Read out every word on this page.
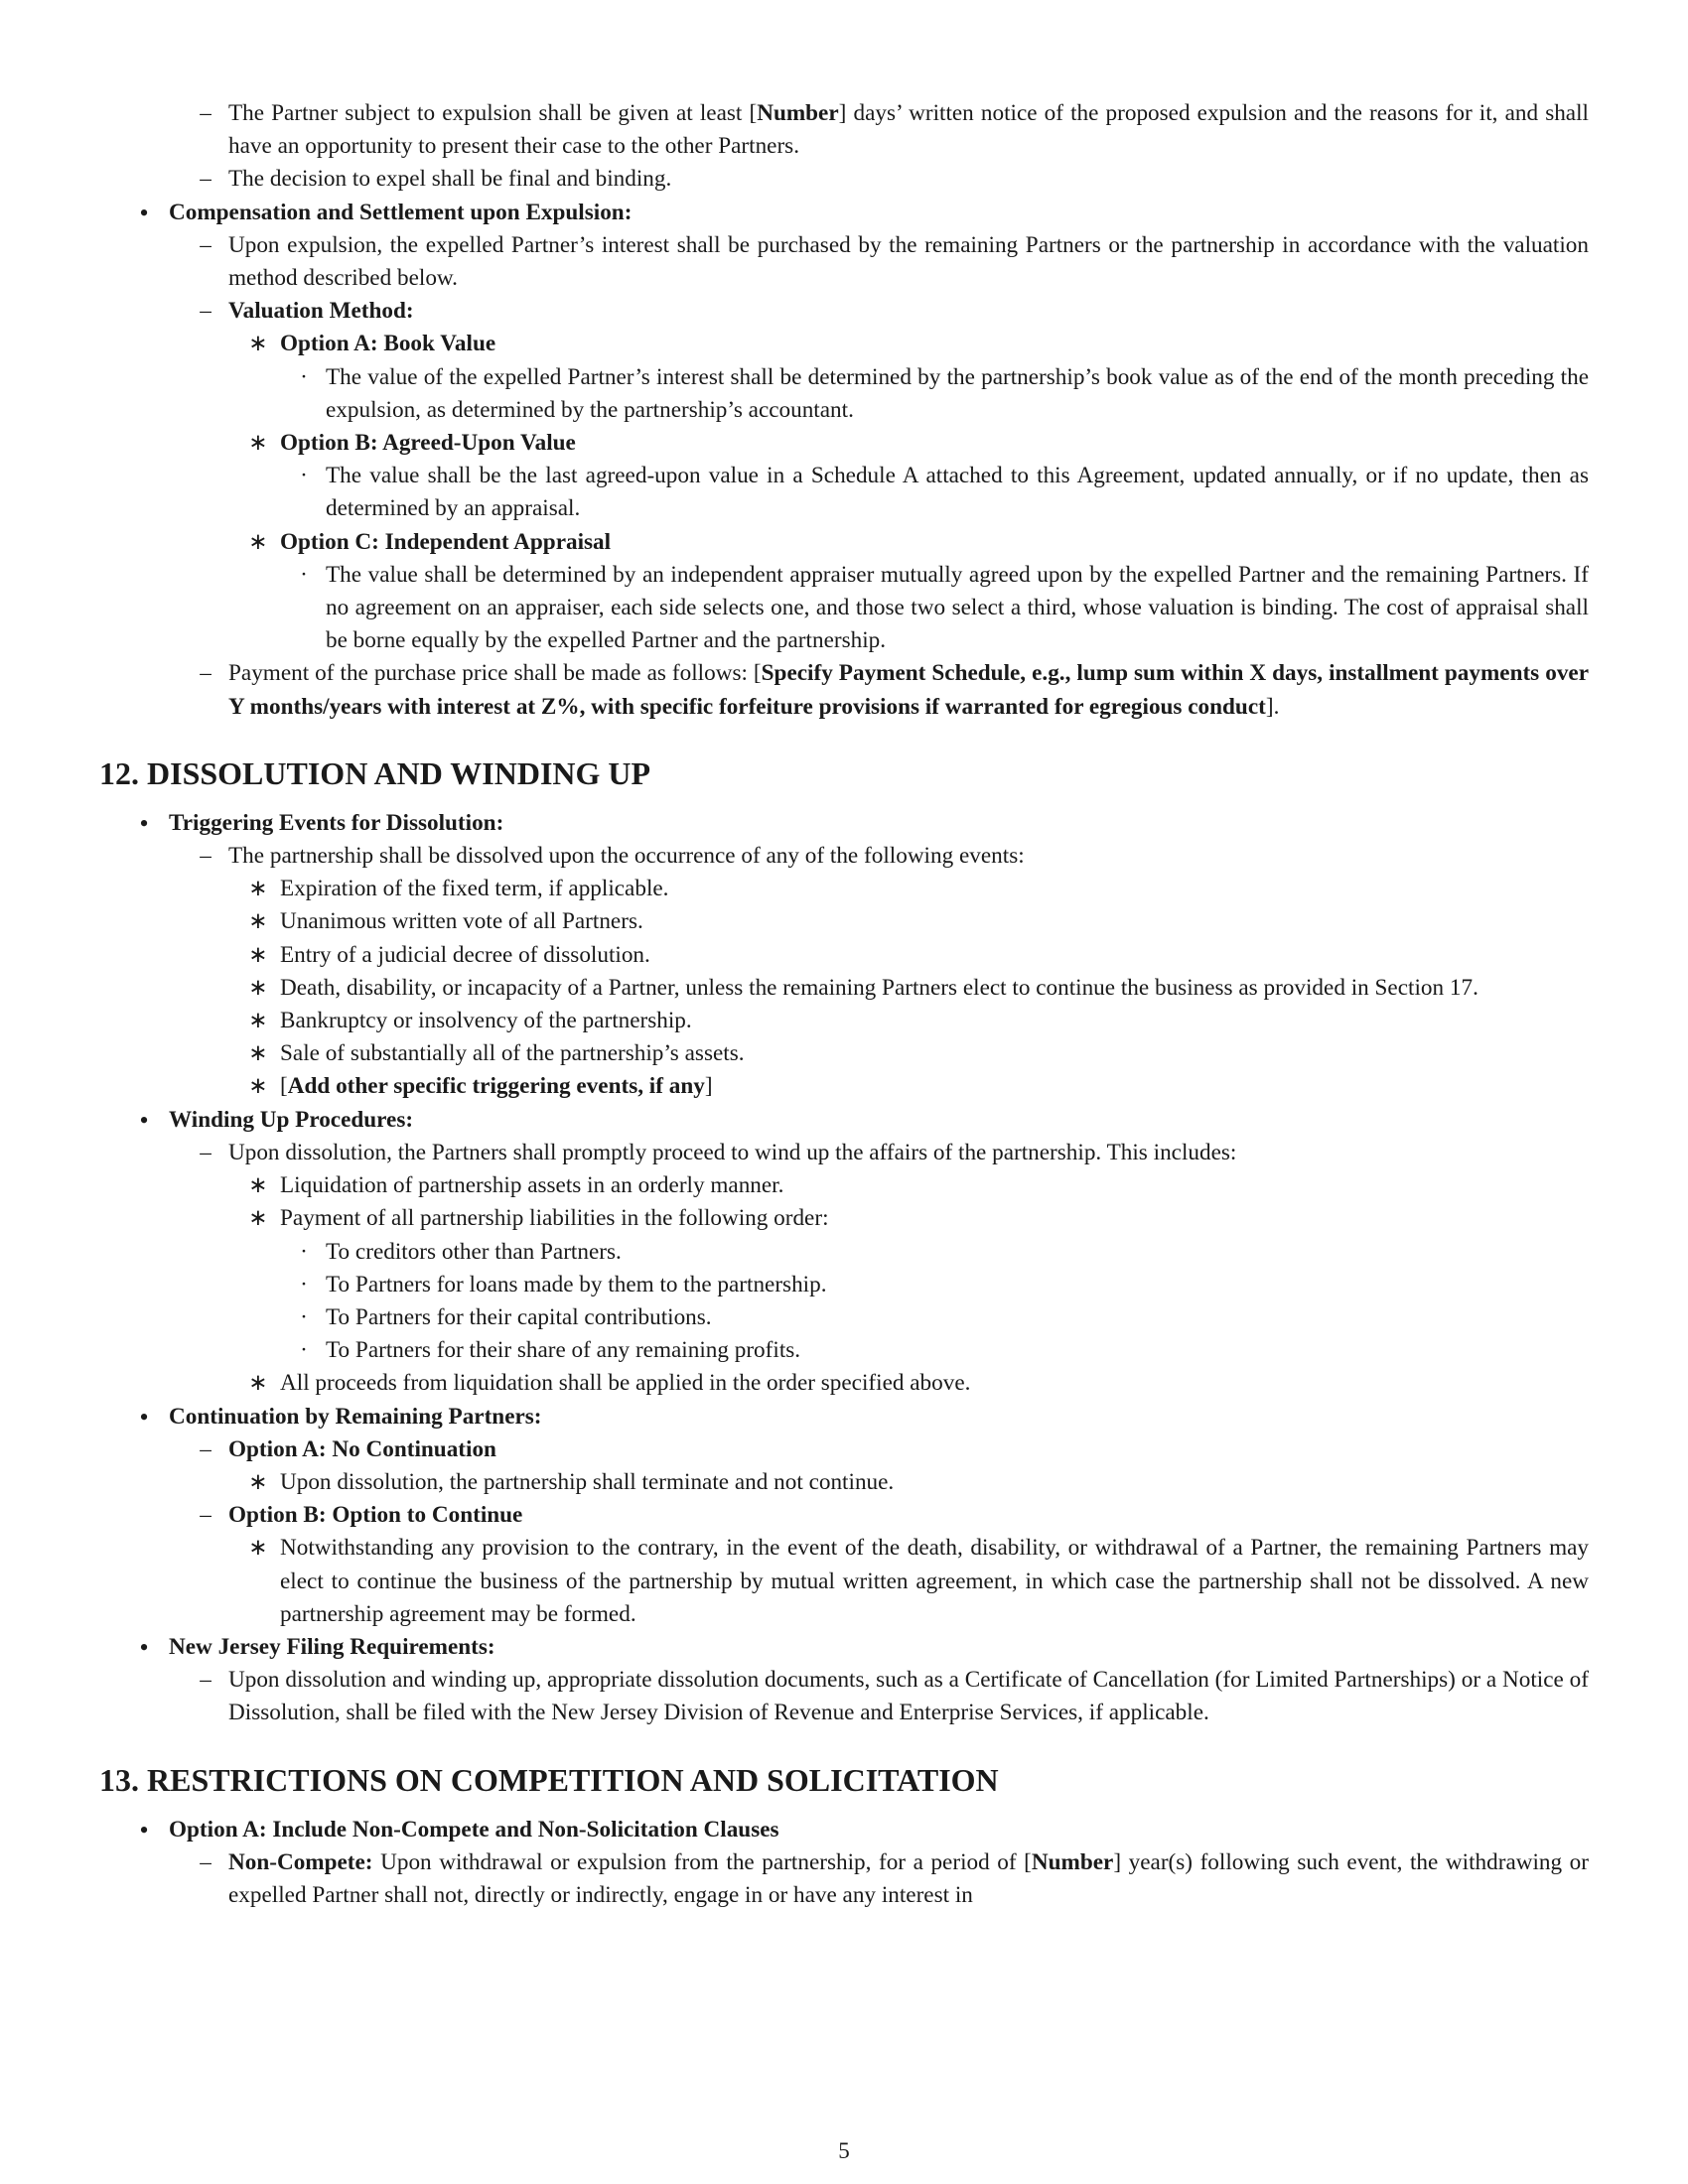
– The Partner subject to expulsion shall be given at least [Number] days’ written notice of the proposed expulsion and the reasons for it, and shall have an opportunity to present their case to the other Partners.
– The decision to expel shall be final and binding.
• Compensation and Settlement upon Expulsion:
– Upon expulsion, the expelled Partner’s interest shall be purchased by the remaining Partners or the partnership in accordance with the valuation method described below.
– Valuation Method:
∗ Option A: Book Value
· The value of the expelled Partner’s interest shall be determined by the partnership’s book value as of the end of the month preceding the expulsion, as determined by the partnership’s accountant.
∗ Option B: Agreed-Upon Value
· The value shall be the last agreed-upon value in a Schedule A attached to this Agreement, updated annually, or if no update, then as determined by an appraisal.
∗ Option C: Independent Appraisal
· The value shall be determined by an independent appraiser mutually agreed upon by the expelled Partner and the remaining Partners. If no agreement on an appraiser, each side selects one, and those two select a third, whose valuation is binding. The cost of appraisal shall be borne equally by the expelled Partner and the partnership.
– Payment of the purchase price shall be made as follows: [Specify Payment Schedule, e.g., lump sum within X days, installment payments over Y months/years with interest at Z%, with specific forfeiture provisions if warranted for egregious conduct].
12. DISSOLUTION AND WINDING UP
• Triggering Events for Dissolution:
– The partnership shall be dissolved upon the occurrence of any of the following events:
∗ Expiration of the fixed term, if applicable.
∗ Unanimous written vote of all Partners.
∗ Entry of a judicial decree of dissolution.
∗ Death, disability, or incapacity of a Partner, unless the remaining Partners elect to continue the business as provided in Section 17.
∗ Bankruptcy or insolvency of the partnership.
∗ Sale of substantially all of the partnership’s assets.
∗ [Add other specific triggering events, if any]
• Winding Up Procedures:
– Upon dissolution, the Partners shall promptly proceed to wind up the affairs of the partnership. This includes:
∗ Liquidation of partnership assets in an orderly manner.
∗ Payment of all partnership liabilities in the following order:
· To creditors other than Partners.
· To Partners for loans made by them to the partnership.
· To Partners for their capital contributions.
· To Partners for their share of any remaining profits.
∗ All proceeds from liquidation shall be applied in the order specified above.
• Continuation by Remaining Partners:
– Option A: No Continuation
∗ Upon dissolution, the partnership shall terminate and not continue.
– Option B: Option to Continue
∗ Notwithstanding any provision to the contrary, in the event of the death, disability, or withdrawal of a Partner, the remaining Partners may elect to continue the business of the partnership by mutual written agreement, in which case the partnership shall not be dissolved. A new partnership agreement may be formed.
• New Jersey Filing Requirements:
– Upon dissolution and winding up, appropriate dissolution documents, such as a Certificate of Cancellation (for Limited Partnerships) or a Notice of Dissolution, shall be filed with the New Jersey Division of Revenue and Enterprise Services, if applicable.
13. RESTRICTIONS ON COMPETITION AND SOLICITATION
• Option A: Include Non-Compete and Non-Solicitation Clauses
– Non-Compete: Upon withdrawal or expulsion from the partnership, for a period of [Number] year(s) following such event, the withdrawing or expelled Partner shall not, directly or indirectly, engage in or have any interest in
5
